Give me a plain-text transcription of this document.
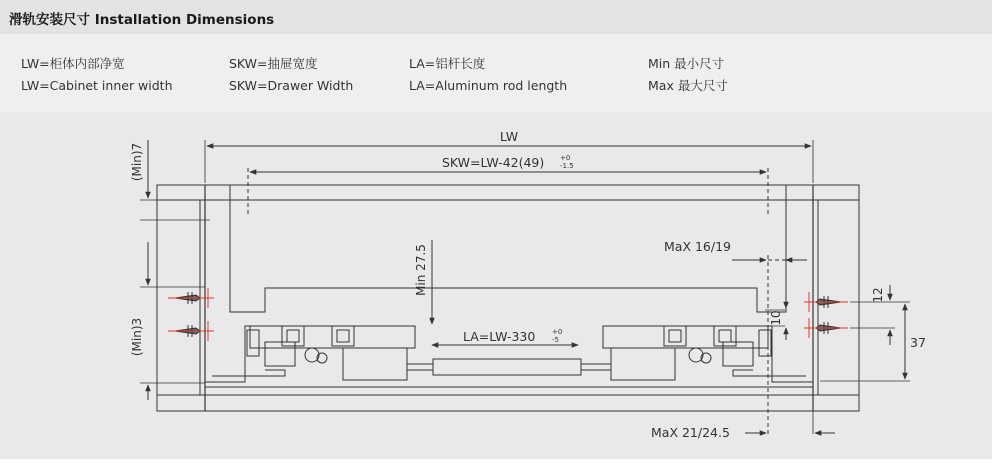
滑轨安装尺寸 Installation Dimensions
LW=柜体内部净宽
LW=Cabinet inner width
SKW=抽屉宽度
SKW=Drawer Width
LA=铝杆长度
LA=Aluminum rod length
Min 最小尺寸
Max 最大尺寸
LW
SKW=LW-42(49) +0
-1.5
LA=LW-330 +0
-5
(Min)7
(Min)3
Min 27.5	MaX 16/19
MaX 21/24.5
10
12
37
